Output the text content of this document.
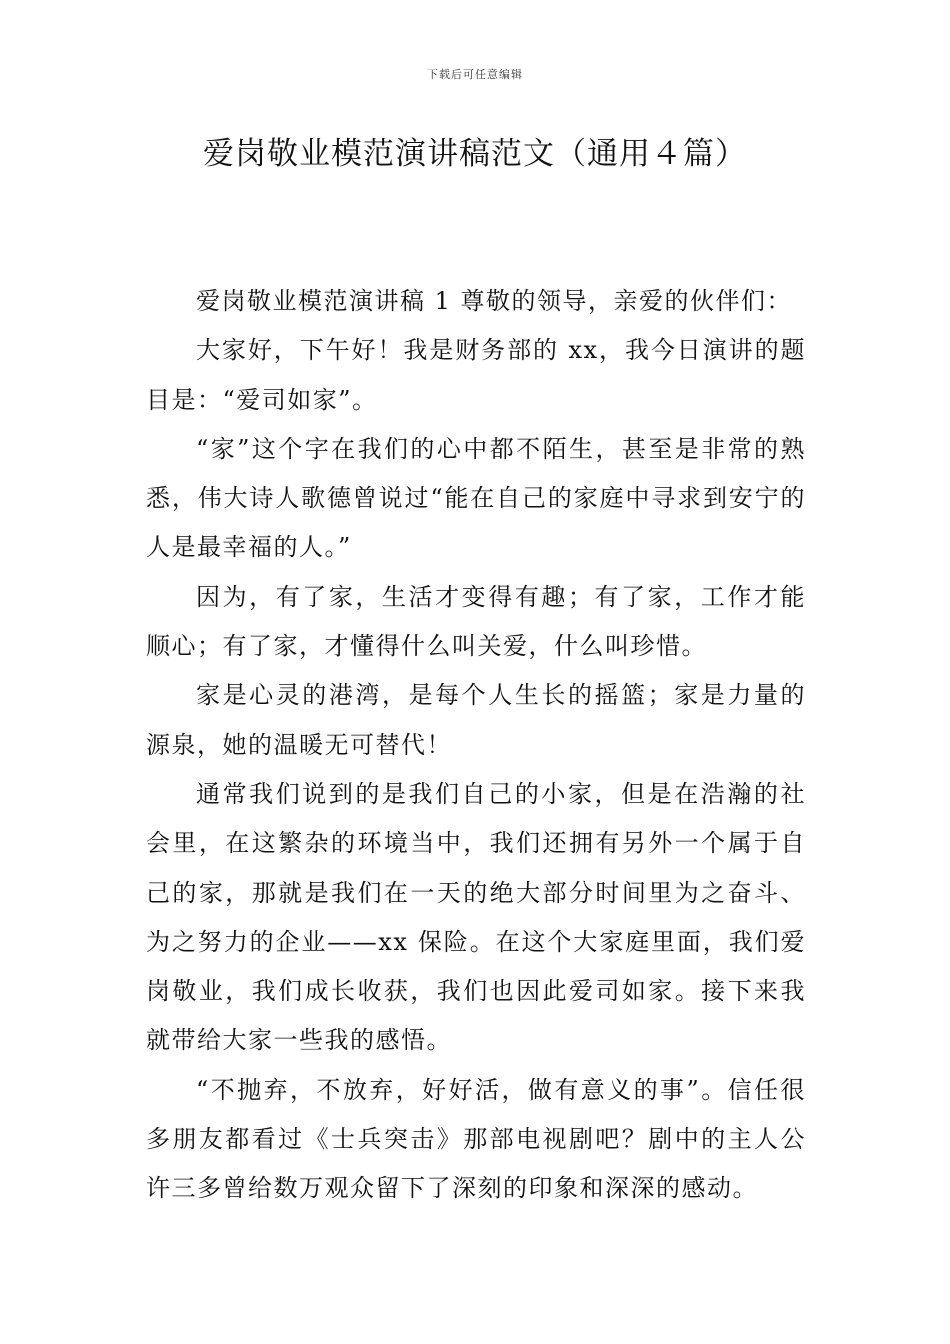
下载后可任意编辑
爱岗敬业模范演讲稿范文（通用４篇）

爱岗敬业模范演讲稿 1 尊敬的领导，亲爱的伙伴们：

大家好，下午好！我是财务部的 xx，我今日演讲的题目是：“爱司如家”。

“家”这个字在我们的心中都不陌生，甚至是非常的熟悉，伟大诗人歌德曾说过“能在自己的家庭中寻求到安宁的人是最幸福的人。”

因为，有了家，生活才变得有趣；有了家，工作才能顺心；有了家，才懂得什么叫关爱，什么叫珍惜。

家是心灵的港湾，是每个人生长的摇篮；家是力量的源泉，她的温暖无可替代！

通常我们说到的是我们自己的小家，但是在浩瀚的社会里，在这繁杂的环境当中，我们还拥有另外一个属于自己的家，那就是我们在一天的绝大部分时间里为之奋斗、为之努力的企业——xx 保险。在这个大家庭里面，我们爱岗敬业，我们成长收获，我们也因此爱司如家。接下来我就带给大家一些我的感悟。

“不抛弃，不放弃，好好活，做有意义的事”。信任很多朋友都看过《士兵突击》那部电视剧吧？剧中的主人公许三多曾给数万观众留下了深刻的印象和深深的感动。
